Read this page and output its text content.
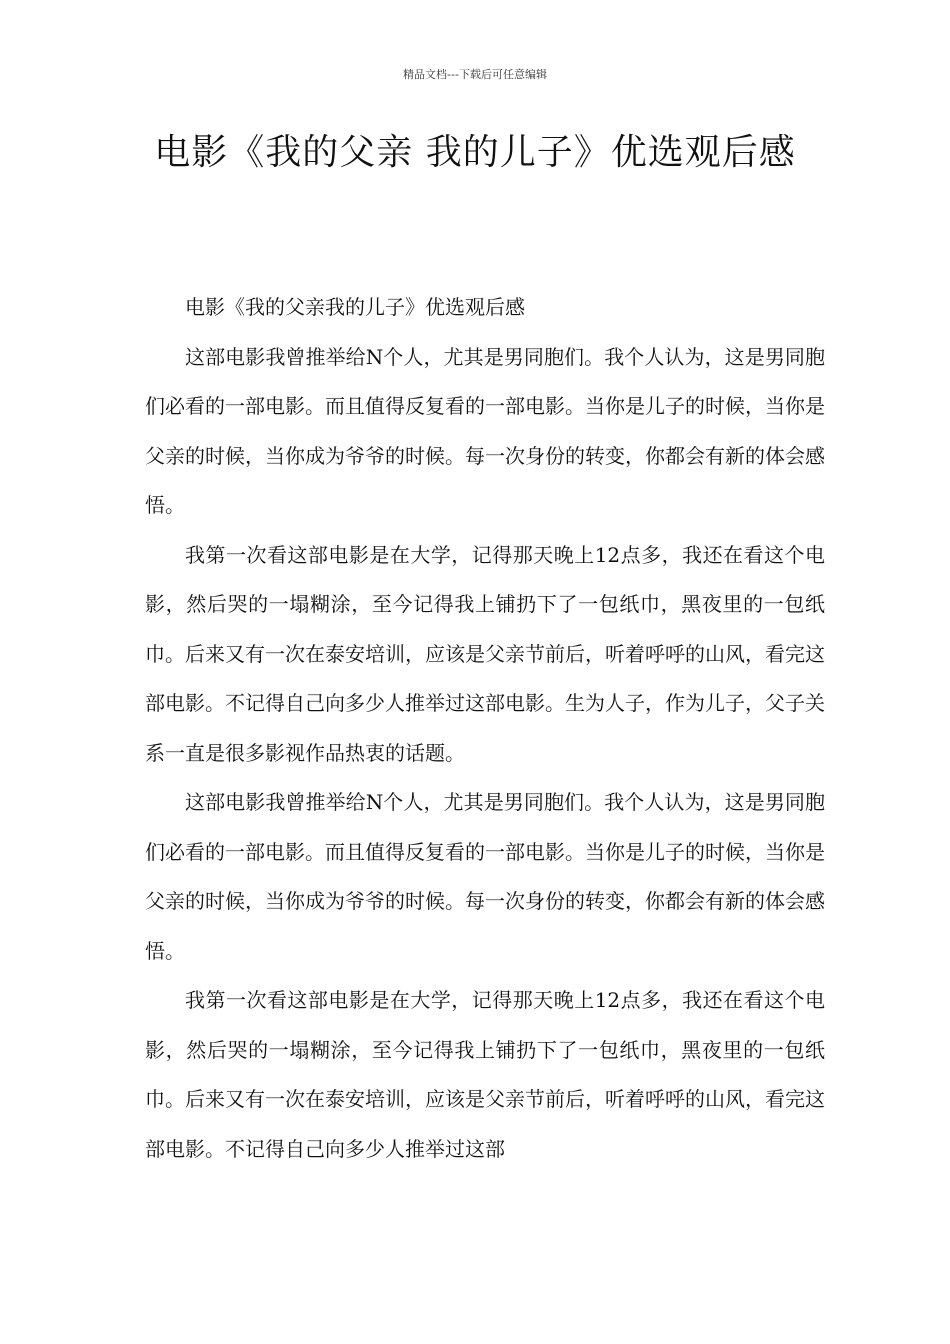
精品文档---下载后可任意编辑
电影《我的父亲 我的儿子》优选观后感

电影《我的父亲我的儿子》优选观后感

这部电影我曾推举给N个人，尤其是男同胞们。我个人认为，这是男同胞们必看的一部电影。而且值得反复看的一部电影。当你是儿子的时候，当你是父亲的时候，当你成为爷爷的时候。每一次身份的转变，你都会有新的体会感悟。

我第一次看这部电影是在大学，记得那天晚上12点多，我还在看这个电影，然后哭的一塌糊涂，至今记得我上铺扔下了一包纸巾，黑夜里的一包纸巾。后来又有一次在泰安培训，应该是父亲节前后，听着呼呼的山风，看完这部电影。不记得自己向多少人推举过这部电影。生为人子，作为儿子，父子关系一直是很多影视作品热衷的话题。

这部电影我曾推举给N个人，尤其是男同胞们。我个人认为，这是男同胞们必看的一部电影。而且值得反复看的一部电影。当你是儿子的时候，当你是父亲的时候，当你成为爷爷的时候。每一次身份的转变，你都会有新的体会感悟。

我第一次看这部电影是在大学，记得那天晚上12点多，我还在看这个电影，然后哭的一塌糊涂，至今记得我上铺扔下了一包纸巾，黑夜里的一包纸巾。后来又有一次在泰安培训，应该是父亲节前后，听着呼呼的山风，看完这部电影。不记得自己向多少人推举过这部
